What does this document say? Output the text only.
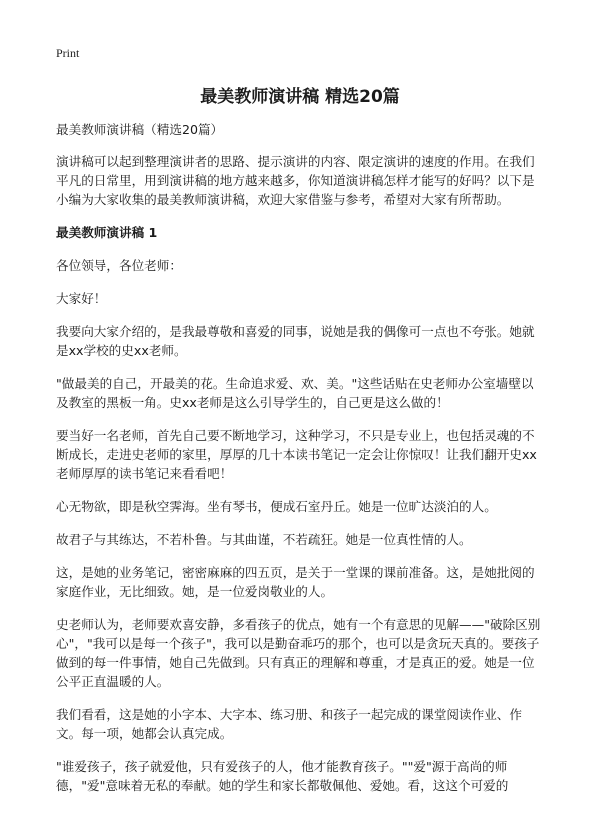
Print
最美教师演讲稿 精选20篇

最美教师演讲稿（精选20篇）

演讲稿可以起到整理演讲者的思路、提示演讲的内容、限定演讲的速度的作用。在我们平凡的日常里，用到演讲稿的地方越来越多，你知道演讲稿怎样才能写的好吗？以下是小编为大家收集的最美教师演讲稿，欢迎大家借鉴与参考，希望对大家有所帮助。

最美教师演讲稿 1

各位领导，各位老师：

大家好！

我要向大家介绍的，是我最尊敬和喜爱的同事，说她是我的偶像可一点也不夸张。她就是xx学校的史xx老师。

"做最美的自己，开最美的花。生命追求爱、欢、美。"这些话贴在史老师办公室墙壁以及教室的黑板一角。史xx老师是这么引导学生的，自己更是这么做的！

要当好一名老师，首先自己要不断地学习，这种学习，不只是专业上，也包括灵魂的不断成长，走进史老师的家里，厚厚的几十本读书笔记一定会让你惊叹！让我们翻开史xx老师厚厚的读书笔记来看看吧！

心无物欲，即是秋空霁海。坐有琴书，便成石室丹丘。她是一位旷达淡泊的人。

故君子与其练达，不若朴鲁。与其曲谨，不若疏狂。她是一位真性情的人。

这，是她的业务笔记，密密麻麻的四五页，是关于一堂课的课前准备。这，是她批阅的家庭作业，无比细致。她，是一位爱岗敬业的人。

史老师认为，老师要欢喜安静，多看孩子的优点，她有一个有意思的见解——"破除区别心"，"我可以是每一个孩子"，我可以是勤奋乖巧的那个，也可以是贪玩天真的。要孩子做到的每一件事情，她自己先做到。只有真正的理解和尊重，才是真正的爱。她是一位公平正直温暖的人。

我们看看，这是她的小字本、大字本、练习册、和孩子一起完成的课堂阅读作业、作文。每一项，她都会认真完成。

"谁爱孩子，孩子就爱他，只有爱孩子的人，他才能教育孩子。""爱"源于高尚的师德，"爱"意味着无私的奉献。她的学生和家长都敬佩他、爱她。看，这这个可爱的
